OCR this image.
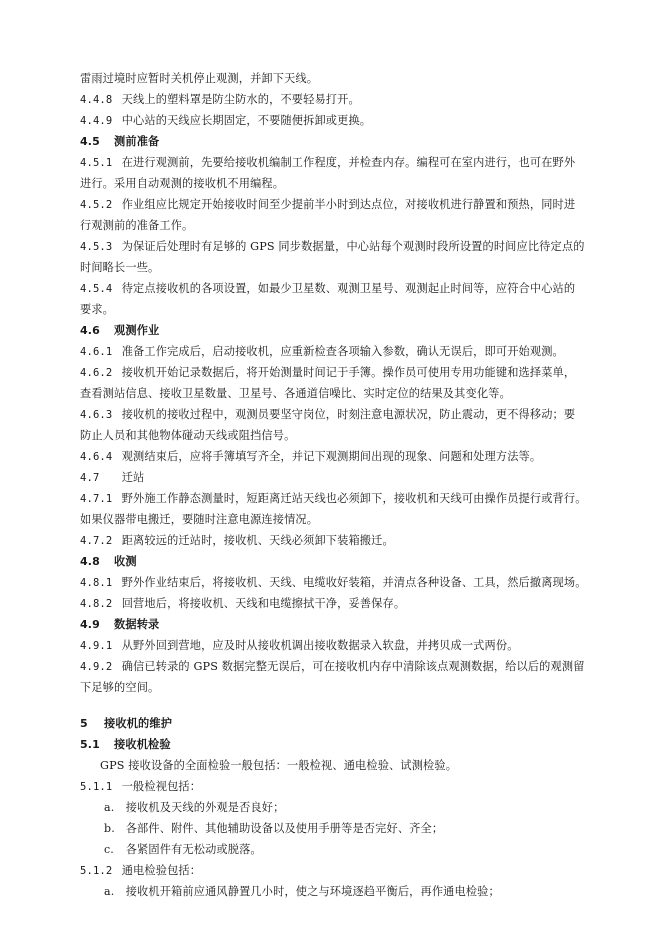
雷雨过境时应暂时关机停止观测，并卸下天线。
4.4.8 天线上的塑料罩是防尘防水的，不要轻易打开。
4.4.9 中心站的天线应长期固定，不要随便拆卸或更换。
4.5 测前准备
4.5.1 在进行观测前，先要给接收机编制工作程度，并检查内存。编程可在室内进行，也可在野外
进行。采用自动观测的接收机不用编程。
4.5.2 作业组应比规定开始接收时间至少提前半小时到达点位，对接收机进行静置和预热，同时进
行观测前的准备工作。
4.5.3 为保证后处理时有足够的 GPS 同步数据量，中心站每个观测时段所设置的时间应比待定点的
时间略长一些。
4.5.4 待定点接收机的各项设置，如最少卫星数、观测卫星号、观测起止时间等，应符合中心站的
要求。
4.6 观测作业
4.6.1 准备工作完成后，启动接收机，应重新检查各项输入参数，确认无误后，即可开始观测。
4.6.2 接收机开始记录数据后，将开始测量时间记于手簿。操作员可使用专用功能键和选择菜单，
查看测站信息、接收卫星数量、卫星号、各通道信噪比、实时定位的结果及其变化等。
4.6.3 接收机的接收过程中，观测员要坚守岗位，时刻注意电源状况，防止震动，更不得移动；要
防止人员和其他物体碰动天线或阻挡信号。
4.6.4 观测结束后，应将手簿填写齐全，并记下观测期间出现的现象、问题和处理方法等。
4.7 迁站
4.7.1 野外施工作静态测量时，短距离迁站天线也必须卸下，接收机和天线可由操作员提行或背行。
如果仪器带电搬迁，要随时注意电源连接情况。
4.7.2 距离较远的迁站时，接收机、天线必须卸下装箱搬迁。
4.8 收测
4.8.1 野外作业结束后，将接收机、天线、电缆收好装箱，并清点各种设备、工具，然后撤离现场。
4.8.2 回营地后，将接收机、天线和电缆擦拭干净，妥善保存。
4.9 数据转录
4.9.1 从野外回到营地，应及时从接收机调出接收数据录入软盘，并拷贝成一式两份。
4.9.2 确信已转录的 GPS 数据完整无误后，可在接收机内存中清除该点观测数据，给以后的观测留
下足够的空间。
5 接收机的维护
5.1 接收机检验
GPS 接收设备的全面检验一般包括：一般检视、通电检验、试测检验。
5.1.1 一般检视包括：
a. 接收机及天线的外观是否良好；
b. 各部件、附件、其他辅助设备以及使用手册等是否完好、齐全；
c. 各紧固件有无松动或脱落。
5.1.2 通电检验包括：
a. 接收机开箱前应通风静置几小时，使之与环境逐趋平衡后，再作通电检验；
